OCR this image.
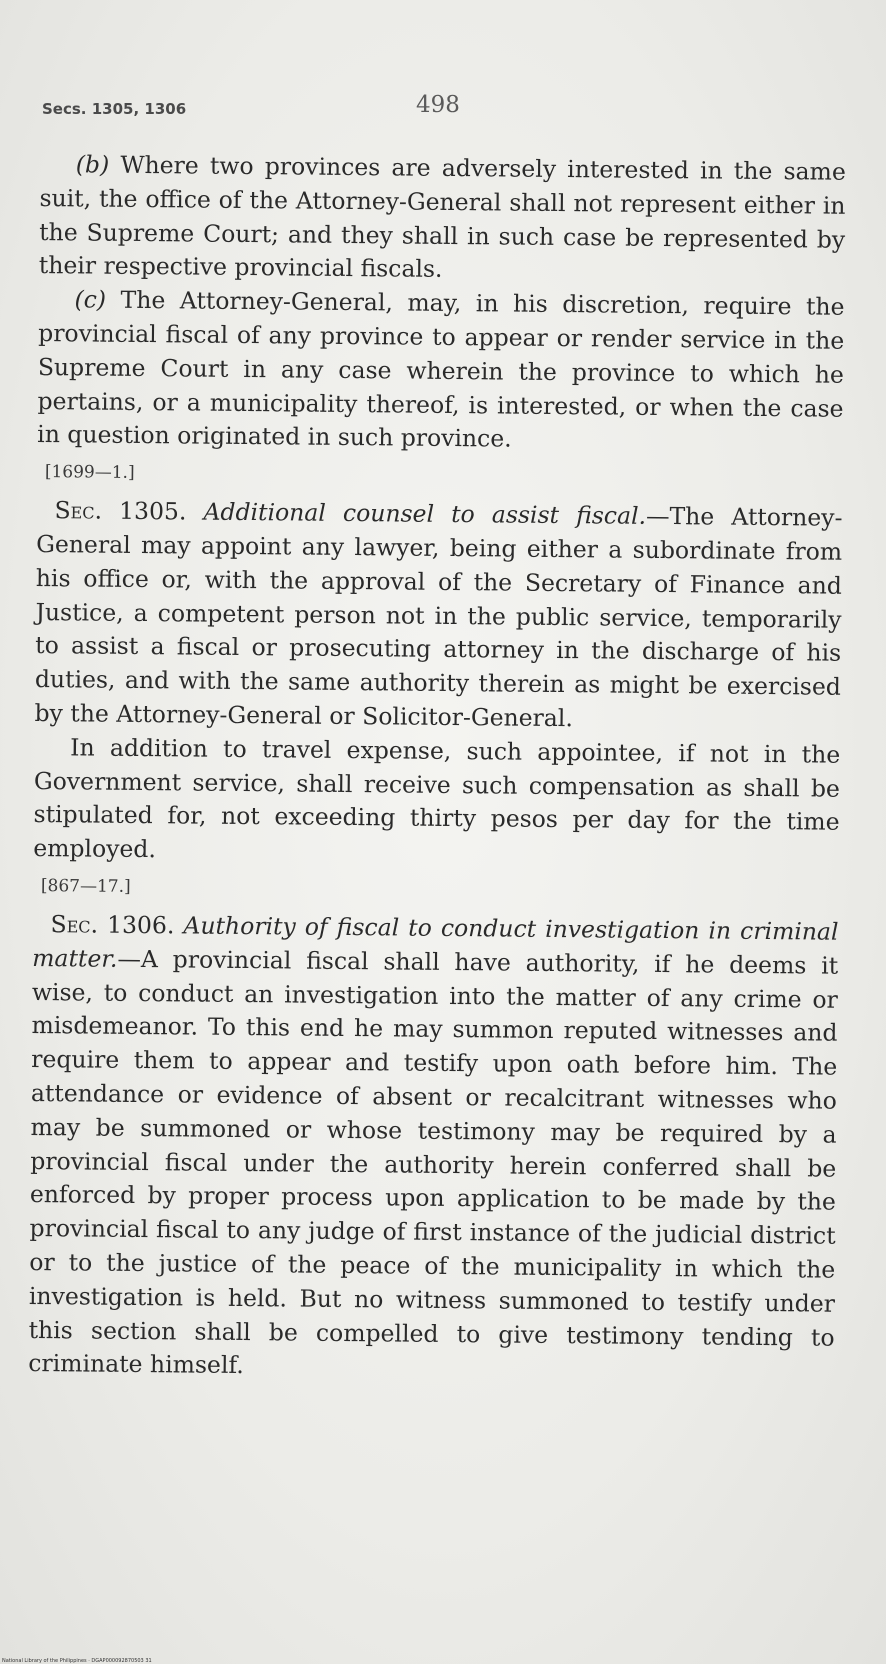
Secs. 1305, 1306	498

(b) Where two provinces are adversely interested in the same suit, the office of the Attorney-General shall not represent either in the Supreme Court; and they shall in such case be represented by their respective provincial fiscals.

(c) The Attorney-General, may, in his discretion, require the provincial fiscal of any province to appear or render service in the Supreme Court in any case wherein the province to which he pertains, or a municipality thereof, is interested, or when the case in question originated in such province.

[1699—1.]

Sec. 1305. Additional counsel to assist fiscal.—The Attorney-General may appoint any lawyer, being either a subordinate from his office or, with the approval of the Secretary of Finance and Justice, a competent person not in the public service, temporarily to assist a fiscal or prosecuting attorney in the discharge of his duties, and with the same authority therein as might be exercised by the Attorney-General or Solicitor-General.

In addition to travel expense, such appointee, if not in the Government service, shall receive such compensation as shall be stipulated for, not exceeding thirty pesos per day for the time employed.

[867—17.]

Sec. 1306. Authority of fiscal to conduct investigation in criminal matter.—A provincial fiscal shall have authority, if he deems it wise, to conduct an investigation into the matter of any crime or misdemeanor. To this end he may summon reputed witnesses and require them to appear and testify upon oath before him. The attendance or evidence of absent or recalcitrant witnesses who may be summoned or whose testimony may be required by a provincial fiscal under the authority herein conferred shall be enforced by proper process upon application to be made by the provincial fiscal to any judge of first instance of the judicial district or to the justice of the peace of the municipality in which the investigation is held. But no witness summoned to testify under this section shall be compelled to give testimony tending to criminate himself.

National Library of the Philippines · DGAP000092870503 31
